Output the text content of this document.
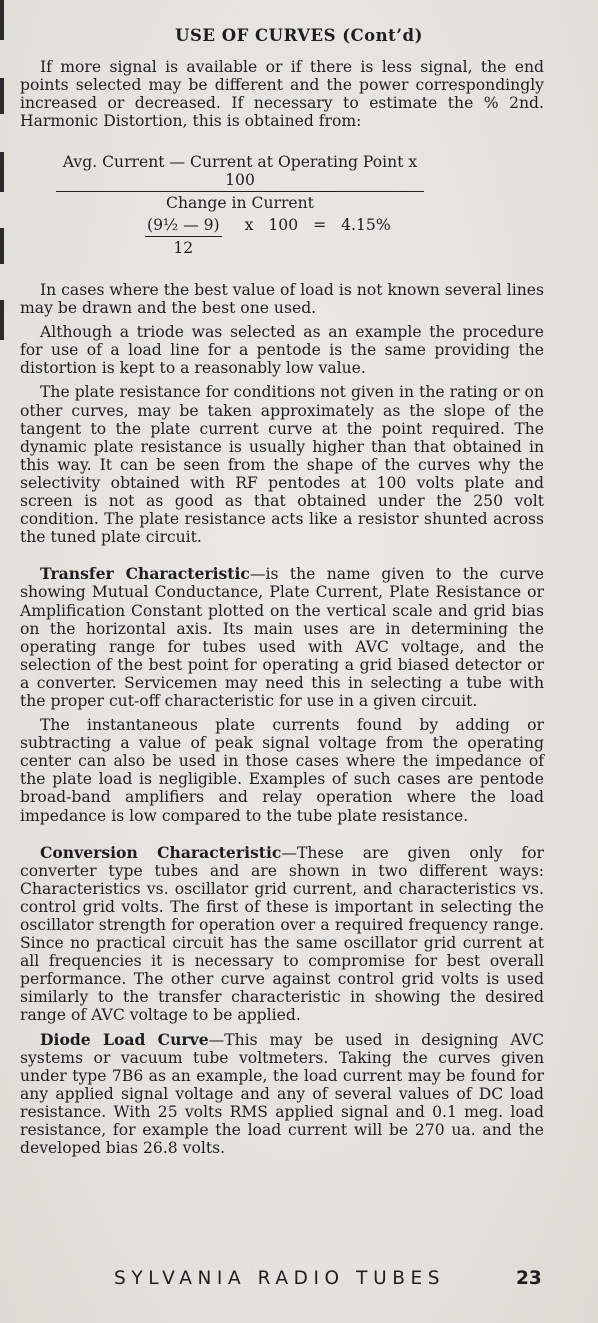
USE OF CURVES (Cont’d)

If more signal is available or if there is less signal, the end points selected may be different and the power correspondingly increased or decreased. If necessary to estimate the % 2nd. Harmonic Distortion, this is obtained from:

Avg. Current — Current at Operating Point x 100
Change in Current
$\frac{\text{(9½ — 9)}}{12}$ x 100 = 4.15%

In cases where the best value of load is not known several lines may be drawn and the best one used.

Although a triode was selected as an example the procedure for use of a load line for a pentode is the same providing the distortion is kept to a reasonably low value.

The plate resistance for conditions not given in the rating or on other curves, may be taken approximately as the slope of the tangent to the plate current curve at the point required. The dynamic plate resistance is usually higher than that obtained in this way. It can be seen from the shape of the curves why the selectivity obtained with RF pentodes at 100 volts plate and screen is not as good as that obtained under the 250 volt condition. The plate resistance acts like a resistor shunted across the tuned plate circuit.

Transfer Characteristic—is the name given to the curve showing Mutual Conductance, Plate Current, Plate Resistance or Amplification Constant plotted on the vertical scale and grid bias on the horizontal axis. Its main uses are in determining the operating range for tubes used with AVC voltage, and the selection of the best point for operating a grid biased detector or a converter. Servicemen may need this in selecting a tube with the proper cut-off characteristic for use in a given circuit.

The instantaneous plate currents found by adding or subtracting a value of peak signal voltage from the operating center can also be used in those cases where the impedance of the plate load is negligible. Examples of such cases are pentode broad-band amplifiers and relay operation where the load impedance is low compared to the tube plate resistance.

Conversion Characteristic—These are given only for converter type tubes and are shown in two different ways: Characteristics vs. oscillator grid current, and characteristics vs. control grid volts. The first of these is important in selecting the oscillator strength for operation over a required frequency range. Since no practical circuit has the same oscillator grid current at all frequencies it is necessary to compromise for best overall performance. The other curve against control grid volts is used similarly to the transfer characteristic in showing the desired range of AVC voltage to be applied.

Diode Load Curve—This may be used in designing AVC systems or vacuum tube voltmeters. Taking the curves given under type 7B6 as an example, the load current may be found for any applied signal voltage and any of several values of DC load resistance. With 25 volts RMS applied signal and 0.1 meg. load resistance, for example the load current will be 270 ua. and the developed bias 26.8 volts.

SYLVANIA RADIO TUBES	23
